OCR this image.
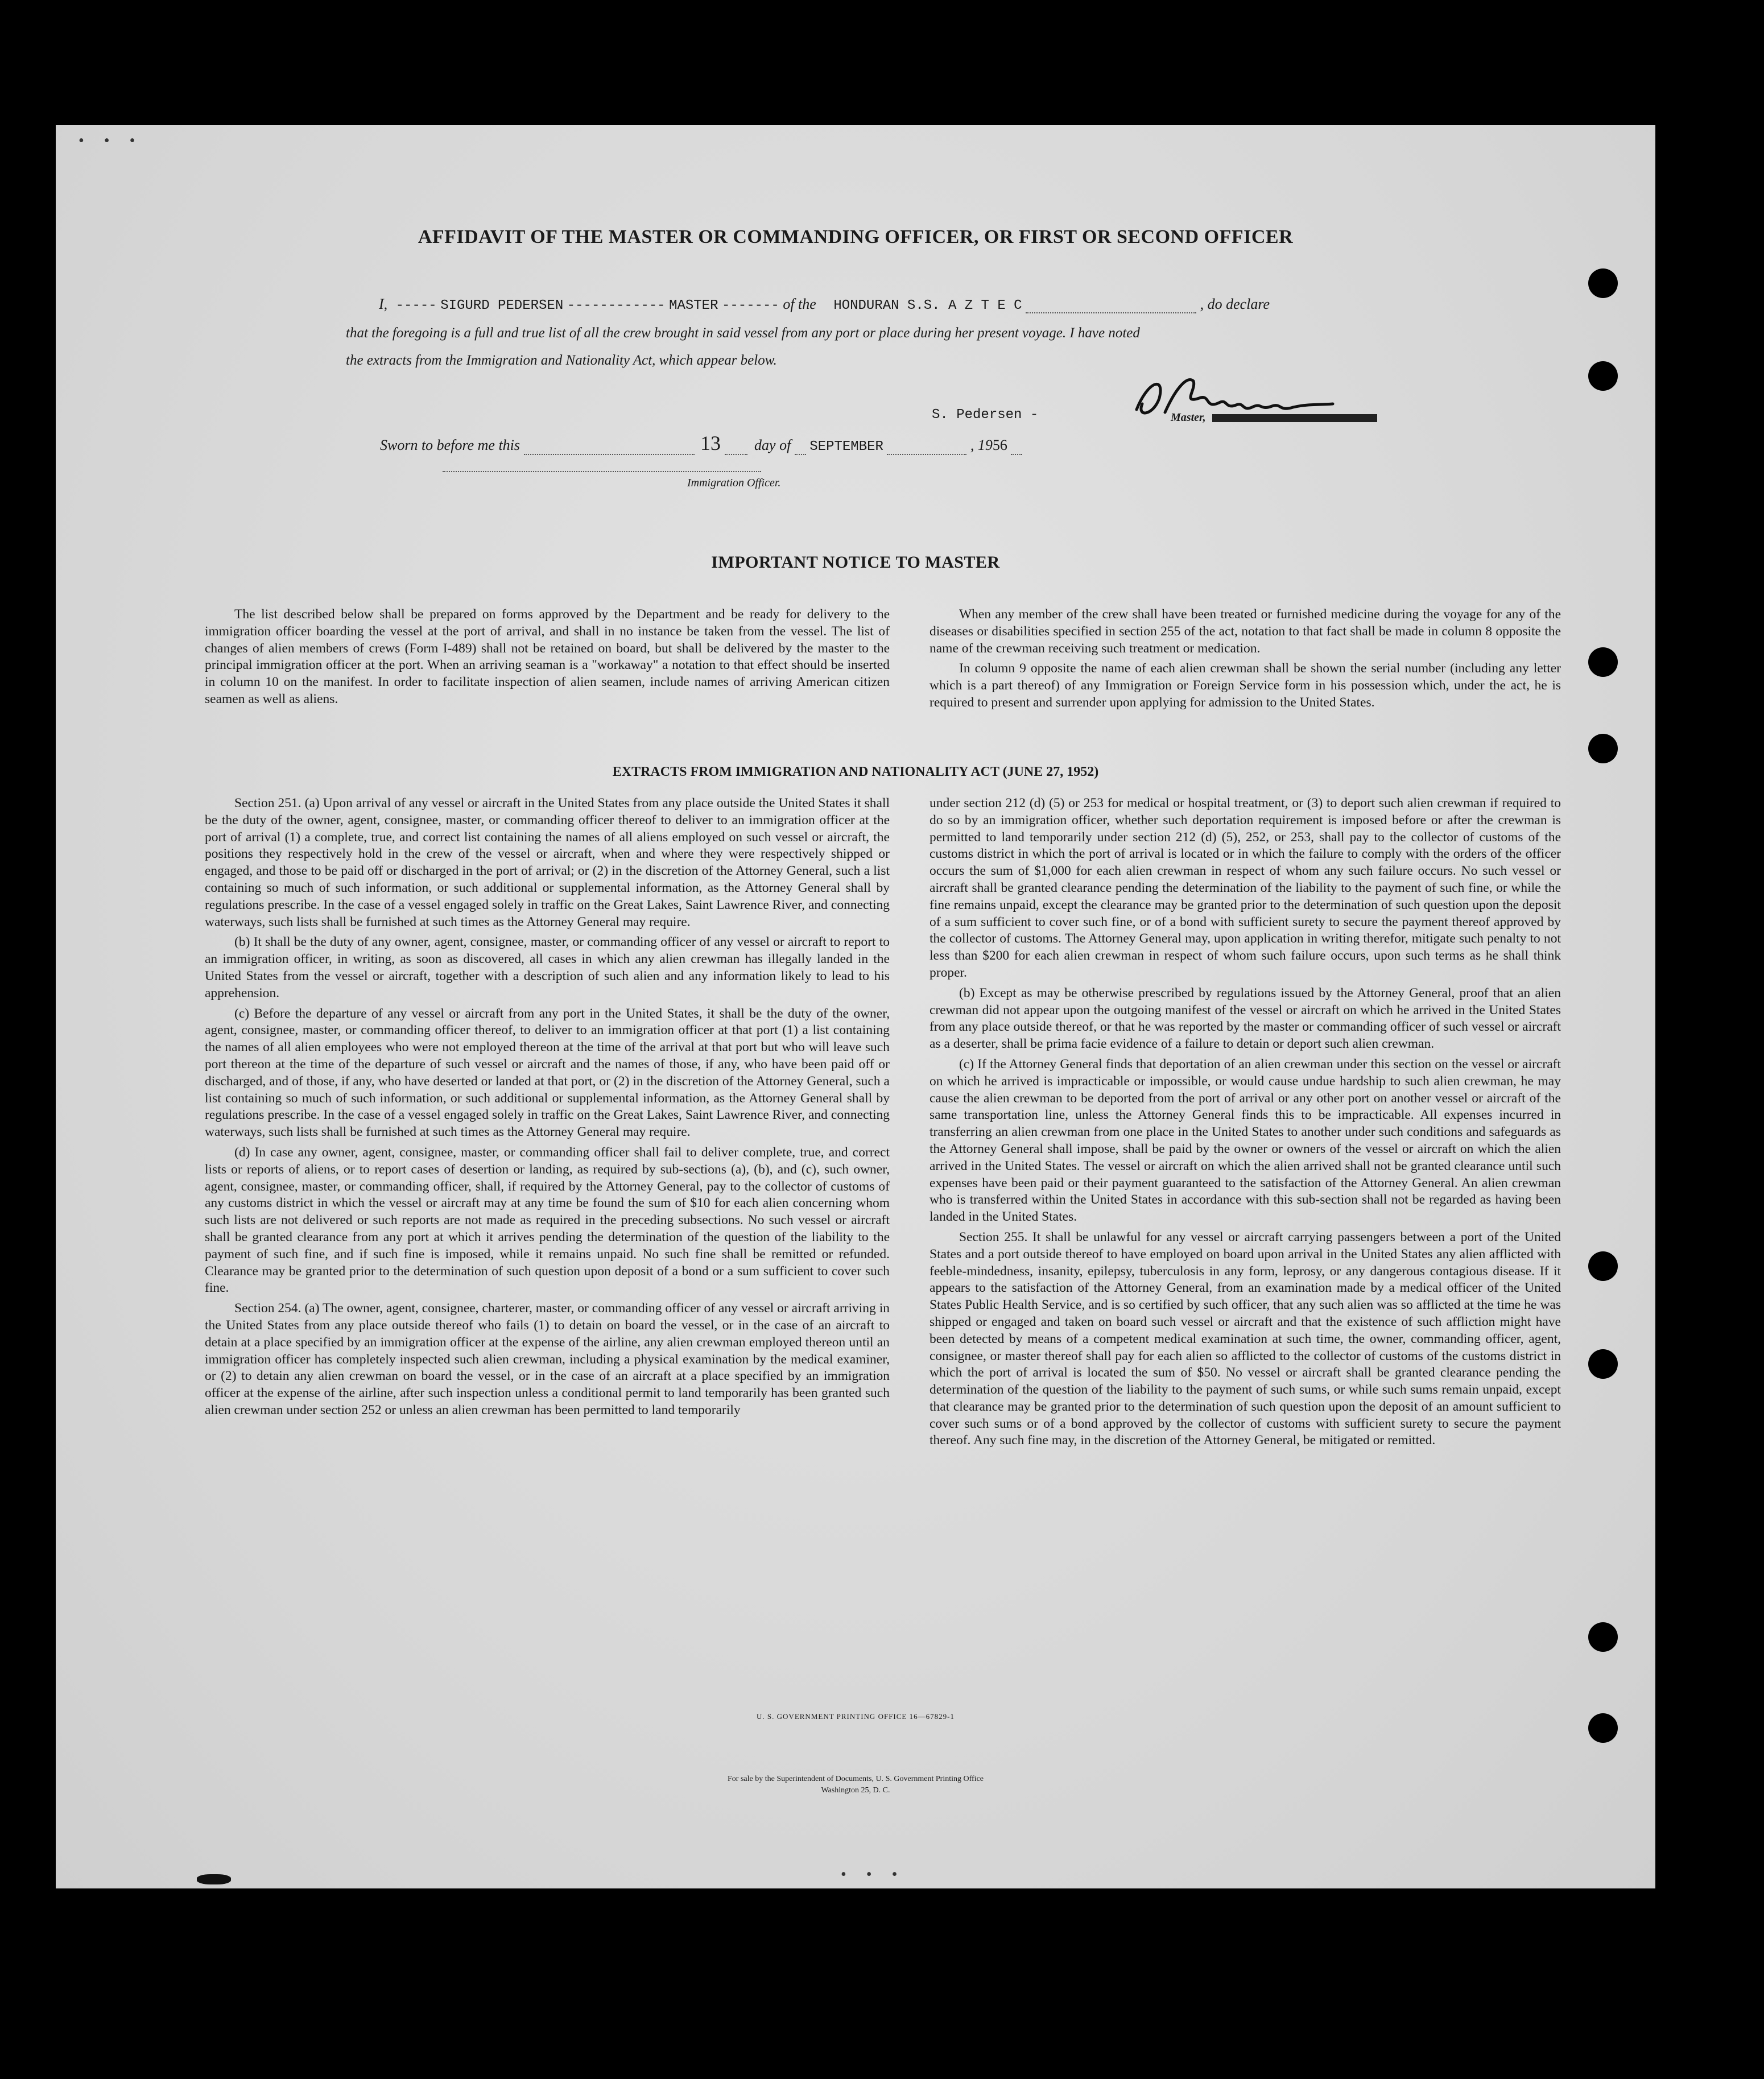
• • •
AFFIDAVIT OF THE MASTER OR COMMANDING OFFICER, OR FIRST OR SECOND OFFICER
I, ----- SIGURD PEDERSEN ------------ MASTER ------- of the HONDURAN S.S. A Z T E C	, do declare
that the foregoing is a full and true list of all the crew brought in said vessel from any port or place during her present voyage. I have noted
the extracts from the Immigration and Nationality Act, which appear below.
S. Pedersen -	Master,
Sworn to before me this	13 day of SEPTEMBER	, 1956
Immigration Officer.
IMPORTANT NOTICE TO MASTER

The list described below shall be prepared on forms approved by the Department and be ready for delivery to the immigration officer boarding the vessel at the port of arrival, and shall in no instance be taken from the vessel. The list of changes of alien members of crews (Form I-489) shall not be retained on board, but shall be delivered by the master to the principal immigration officer at the port. When an arriving seaman is a "workaway" a notation to that effect should be inserted in column 10 on the manifest. In order to facilitate inspection of alien seamen, include names of arriving American citizen seamen as well as aliens.

When any member of the crew shall have been treated or furnished medicine during the voyage for any of the diseases or disabilities specified in section 255 of the act, notation to that fact shall be made in column 8 opposite the name of the crewman receiving such treatment or medication.

In column 9 opposite the name of each alien crewman shall be shown the serial number (including any letter which is a part thereof) of any Immigration or Foreign Service form in his possession which, under the act, he is required to present and surrender upon applying for admission to the United States.

EXTRACTS FROM IMMIGRATION AND NATIONALITY ACT (JUNE 27, 1952)

Section 251. (a) Upon arrival of any vessel or aircraft in the United States from any place outside the United States it shall be the duty of the owner, agent, consignee, master, or commanding officer thereof to deliver to an immigration officer at the port of arrival (1) a complete, true, and correct list containing the names of all aliens employed on such vessel or aircraft, the positions they respectively hold in the crew of the vessel or aircraft, when and where they were respectively shipped or engaged, and those to be paid off or discharged in the port of arrival; or (2) in the discretion of the Attorney General, such a list containing so much of such information, or such additional or supplemental information, as the Attorney General shall by regulations prescribe. In the case of a vessel engaged solely in traffic on the Great Lakes, Saint Lawrence River, and connecting waterways, such lists shall be furnished at such times as the Attorney General may require.

(b) It shall be the duty of any owner, agent, consignee, master, or commanding officer of any vessel or aircraft to report to an immigration officer, in writing, as soon as discovered, all cases in which any alien crewman has illegally landed in the United States from the vessel or aircraft, together with a description of such alien and any information likely to lead to his apprehension.

(c) Before the departure of any vessel or aircraft from any port in the United States, it shall be the duty of the owner, agent, consignee, master, or commanding officer thereof, to deliver to an immigration officer at that port (1) a list containing the names of all alien employees who were not employed thereon at the time of the arrival at that port but who will leave such port thereon at the time of the departure of such vessel or aircraft and the names of those, if any, who have been paid off or discharged, and of those, if any, who have deserted or landed at that port, or (2) in the discretion of the Attorney General, such a list containing so much of such information, or such additional or supplemental information, as the Attorney General shall by regulations prescribe. In the case of a vessel engaged solely in traffic on the Great Lakes, Saint Lawrence River, and connecting waterways, such lists shall be furnished at such times as the Attorney General may require.

(d) In case any owner, agent, consignee, master, or commanding officer shall fail to deliver complete, true, and correct lists or reports of aliens, or to report cases of desertion or landing, as required by sub-sections (a), (b), and (c), such owner, agent, consignee, master, or commanding officer, shall, if required by the Attorney General, pay to the collector of customs of any customs district in which the vessel or aircraft may at any time be found the sum of $10 for each alien concerning whom such lists are not delivered or such reports are not made as required in the preceding subsections. No such vessel or aircraft shall be granted clearance from any port at which it arrives pending the determination of the question of the liability to the payment of such fine, and if such fine is imposed, while it remains unpaid. No such fine shall be remitted or refunded. Clearance may be granted prior to the determination of such question upon deposit of a bond or a sum sufficient to cover such fine.

Section 254. (a) The owner, agent, consignee, charterer, master, or commanding officer of any vessel or aircraft arriving in the United States from any place outside thereof who fails (1) to detain on board the vessel, or in the case of an aircraft to detain at a place specified by an immigration officer at the expense of the airline, any alien crewman employed thereon until an immigration officer has completely inspected such alien crewman, including a physical examination by the medical examiner, or (2) to detain any alien crewman on board the vessel, or in the case of an aircraft at a place specified by an immigration officer at the expense of the airline, after such inspection unless a conditional permit to land temporarily has been granted such alien crewman under section 252 or unless an alien crewman has been permitted to land temporarily

under section 212 (d) (5) or 253 for medical or hospital treatment, or (3) to deport such alien crewman if required to do so by an immigration officer, whether such deportation requirement is imposed before or after the crewman is permitted to land temporarily under section 212 (d) (5), 252, or 253, shall pay to the collector of customs of the customs district in which the port of arrival is located or in which the failure to comply with the orders of the officer occurs the sum of $1,000 for each alien crewman in respect of whom any such failure occurs. No such vessel or aircraft shall be granted clearance pending the determination of the liability to the payment of such fine, or while the fine remains unpaid, except the clearance may be granted prior to the determination of such question upon the deposit of a sum sufficient to cover such fine, or of a bond with sufficient surety to secure the payment thereof approved by the collector of customs. The Attorney General may, upon application in writing therefor, mitigate such penalty to not less than $200 for each alien crewman in respect of whom such failure occurs, upon such terms as he shall think proper.

(b) Except as may be otherwise prescribed by regulations issued by the Attorney General, proof that an alien crewman did not appear upon the outgoing manifest of the vessel or aircraft on which he arrived in the United States from any place outside thereof, or that he was reported by the master or commanding officer of such vessel or aircraft as a deserter, shall be prima facie evidence of a failure to detain or deport such alien crewman.

(c) If the Attorney General finds that deportation of an alien crewman under this section on the vessel or aircraft on which he arrived is impracticable or impossible, or would cause undue hardship to such alien crewman, he may cause the alien crewman to be deported from the port of arrival or any other port on another vessel or aircraft of the same transportation line, unless the Attorney General finds this to be impracticable. All expenses incurred in transferring an alien crewman from one place in the United States to another under such conditions and safeguards as the Attorney General shall impose, shall be paid by the owner or owners of the vessel or aircraft on which the alien arrived in the United States. The vessel or aircraft on which the alien arrived shall not be granted clearance until such expenses have been paid or their payment guaranteed to the satisfaction of the Attorney General. An alien crewman who is transferred within the United States in accordance with this sub-section shall not be regarded as having been landed in the United States.

Section 255. It shall be unlawful for any vessel or aircraft carrying passengers between a port of the United States and a port outside thereof to have employed on board upon arrival in the United States any alien afflicted with feeble-mindedness, insanity, epilepsy, tuberculosis in any form, leprosy, or any dangerous contagious disease. If it appears to the satisfaction of the Attorney General, from an examination made by a medical officer of the United States Public Health Service, and is so certified by such officer, that any such alien was so afflicted at the time he was shipped or engaged and taken on board such vessel or aircraft and that the existence of such affliction might have been detected by means of a competent medical examination at such time, the owner, commanding officer, agent, consignee, or master thereof shall pay for each alien so afflicted to the collector of customs of the customs district in which the port of arrival is located the sum of $50. No vessel or aircraft shall be granted clearance pending the determination of the question of the liability to the payment of such sums, or while such sums remain unpaid, except that clearance may be granted prior to the determination of such question upon the deposit of an amount sufficient to cover such sums or of a bond approved by the collector of customs with sufficient surety to secure the payment thereof. Any such fine may, in the discretion of the Attorney General, be mitigated or remitted.

U. S. GOVERNMENT PRINTING OFFICE 16—67829-1
For sale by the Superintendent of Documents, U. S. Government Printing Office
Washington 25, D. C.
• • •
